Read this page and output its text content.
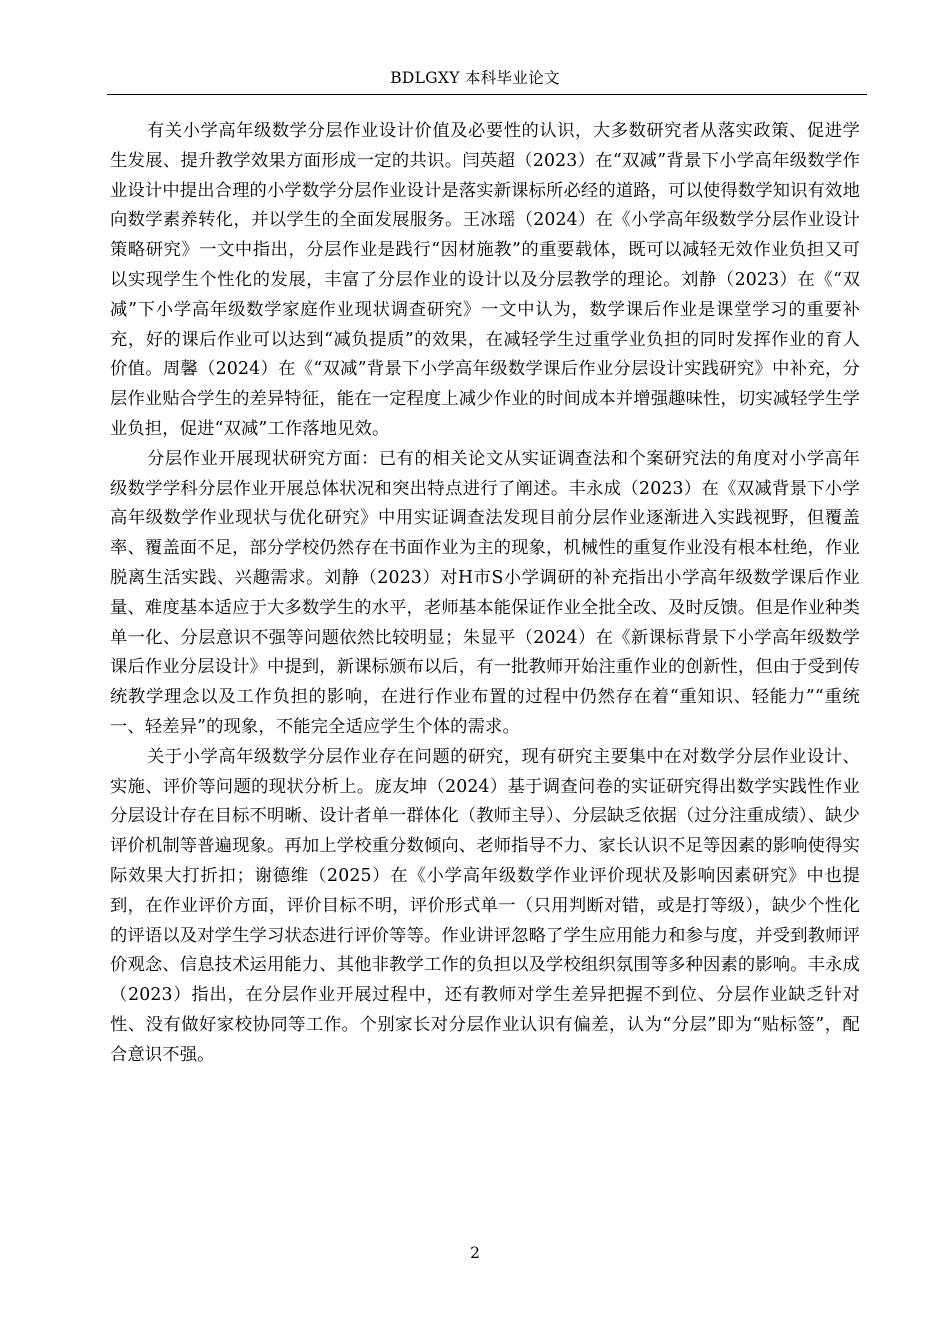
BDLGXY 本科毕业论文

有关小学高年级数学分层作业设计价值及必要性的认识，大多数研究者从落实政策、促进学生发展、提升教学效果方面形成一定的共识。闫英超（2023）在“双减”背景下小学高年级数学作业设计中提出合理的小学数学分层作业设计是落实新课标所必经的道路，可以使得数学知识有效地向数学素养转化，并以学生的全面发展服务。王冰瑶（2024）在《小学高年级数学分层作业设计策略研究》一文中指出，分层作业是践行“因材施教”的重要载体，既可以减轻无效作业负担又可以实现学生个性化的发展，丰富了分层作业的设计以及分层教学的理论。刘静（2023）在《“双减”下小学高年级数学家庭作业现状调查研究》一文中认为，数学课后作业是课堂学习的重要补充，好的课后作业可以达到“减负提质”的效果，在减轻学生过重学业负担的同时发挥作业的育人价值。周馨（2024）在《“双减”背景下小学高年级数学课后作业分层设计实践研究》中补充，分层作业贴合学生的差异特征，能在一定程度上减少作业的时间成本并增强趣味性，切实减轻学生学业负担，促进“双减”工作落地见效。

分层作业开展现状研究方面：已有的相关论文从实证调查法和个案研究法的角度对小学高年级数学学科分层作业开展总体状况和突出特点进行了阐述。丰永成（2023）在《双减背景下小学高年级数学作业现状与优化研究》中用实证调查法发现目前分层作业逐渐进入实践视野，但覆盖率、覆盖面不足，部分学校仍然存在书面作业为主的现象，机械性的重复作业没有根本杜绝，作业脱离生活实践、兴趣需求。刘静（2023）对H市S小学调研的补充指出小学高年级数学课后作业量、难度基本适应于大多数学生的水平，老师基本能保证作业全批全改、及时反馈。但是作业种类单一化、分层意识不强等问题依然比较明显；朱显平（2024）在《新课标背景下小学高年级数学课后作业分层设计》中提到，新课标颁布以后，有一批教师开始注重作业的创新性，但由于受到传统教学理念以及工作负担的影响，在进行作业布置的过程中仍然存在着“重知识、轻能力”“重统一、轻差异”的现象，不能完全适应学生个体的需求。

关于小学高年级数学分层作业存在问题的研究，现有研究主要集中在对数学分层作业设计、实施、评价等问题的现状分析上。庞友坤（2024）基于调查问卷的实证研究得出数学实践性作业分层设计存在目标不明晰、设计者单一群体化（教师主导）、分层缺乏依据（过分注重成绩）、缺少评价机制等普遍现象。再加上学校重分数倾向、老师指导不力、家长认识不足等因素的影响使得实际效果大打折扣；谢德维（2025）在《小学高年级数学作业评价现状及影响因素研究》中也提到，在作业评价方面，评价目标不明，评价形式单一（只用判断对错，或是打等级），缺少个性化的评语以及对学生学习状态进行评价等等。作业讲评忽略了学生应用能力和参与度，并受到教师评价观念、信息技术运用能力、其他非教学工作的负担以及学校组织氛围等多种因素的影响。丰永成（2023）指出，在分层作业开展过程中，还有教师对学生差异把握不到位、分层作业缺乏针对性、没有做好家校协同等工作。个别家长对分层作业认识有偏差，认为“分层”即为“贴标签”，配合意识不强。

2
